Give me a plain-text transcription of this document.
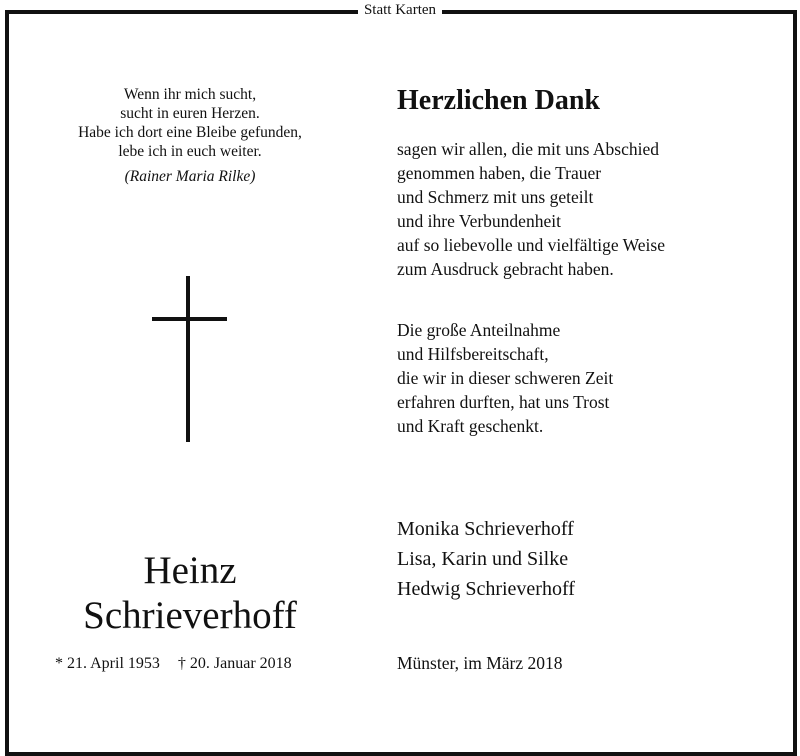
Statt Karten
Wenn ihr mich sucht,
sucht in euren Herzen.
Habe ich dort eine Bleibe gefunden,
lebe ich in euch weiter.
(Rainer Maria Rilke)
Heinz
Schrieverhoff
* 21. April 1953 † 20. Januar 2018
Herzlichen Dank
sagen wir allen, die mit uns Abschied
genommen haben, die Trauer
und Schmerz mit uns geteilt
und ihre Verbundenheit
auf so liebevolle und vielfältige Weise
zum Ausdruck gebracht haben.
Die große Anteilnahme
und Hilfsbereitschaft,
die wir in dieser schweren Zeit
erfahren durften, hat uns Trost
und Kraft geschenkt.
Monika Schrieverhoff
Lisa, Karin und Silke
Hedwig Schrieverhoff
Münster, im März 2018
